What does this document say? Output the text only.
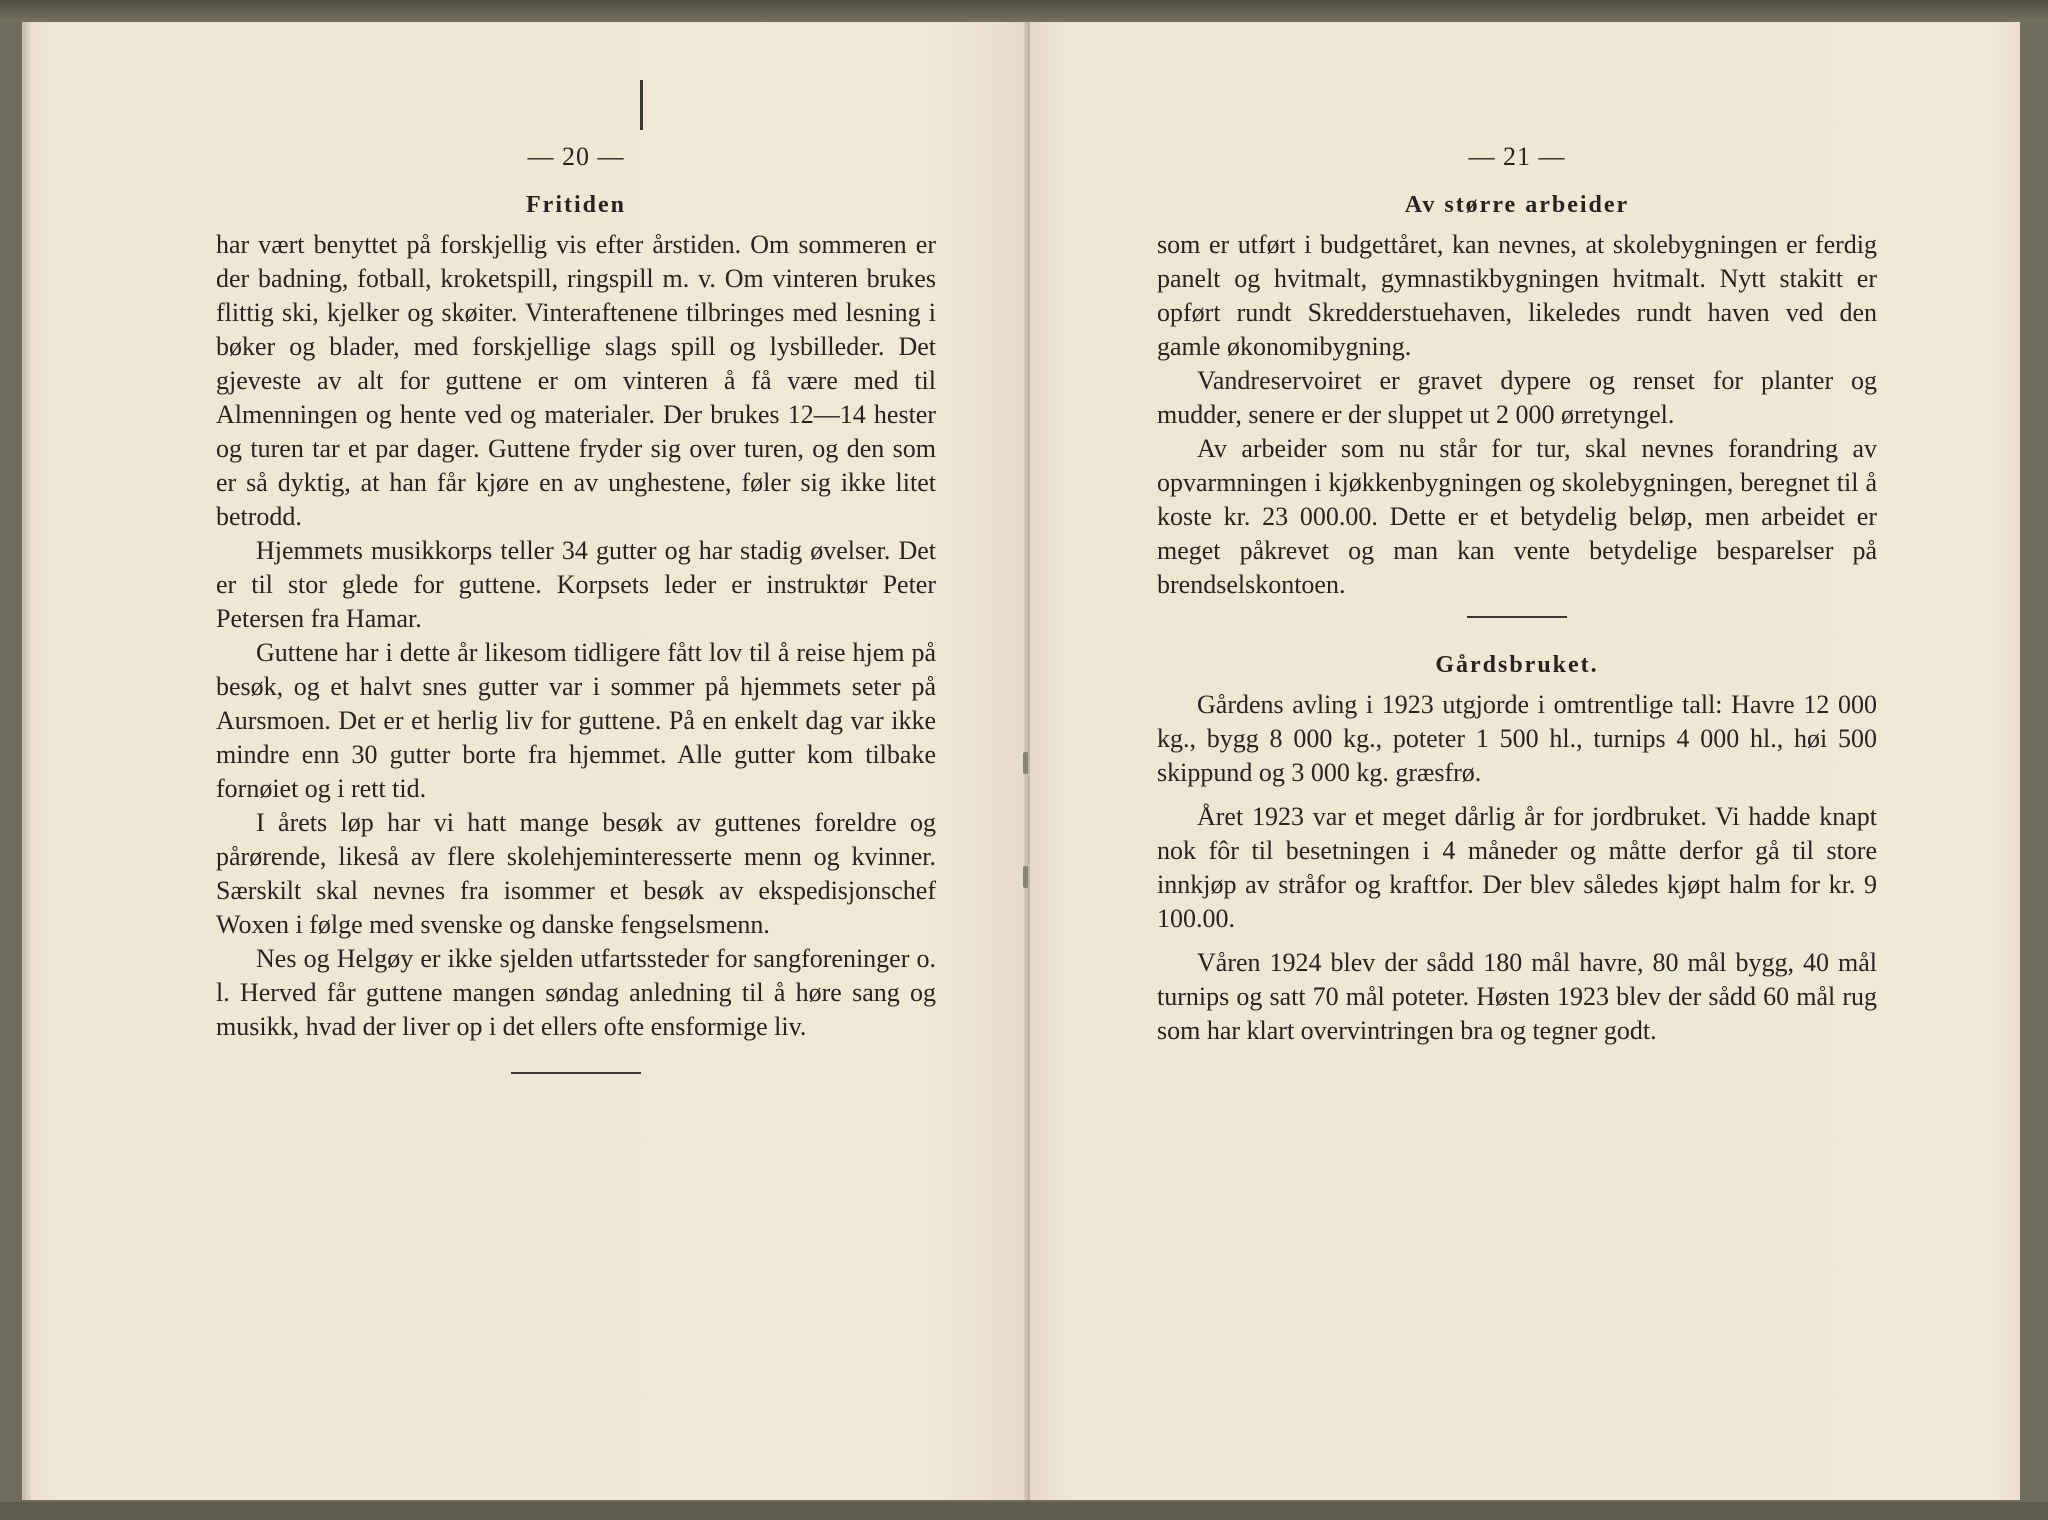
— 20 —
Fritiden

har vært benyttet på forskjellig vis efter årstiden. Om sommeren er der badning, fotball, kroketspill, ringspill m. v. Om vinteren brukes flittig ski, kjelker og skøiter. Vinteraftenene tilbringes med lesning i bøker og blader, med forskjellige slags spill og lysbilleder. Det gjeveste av alt for guttene er om vinteren å få være med til Almenningen og hente ved og materialer. Der brukes 12—14 hester og turen tar et par dager. Guttene fryder sig over turen, og den som er så dyktig, at han får kjøre en av unghestene, føler sig ikke litet betrodd.

Hjemmets musikkorps teller 34 gutter og har stadig øvelser. Det er til stor glede for guttene. Korpsets leder er instruktør Peter Petersen fra Hamar.

Guttene har i dette år likesom tidligere fått lov til å reise hjem på besøk, og et halvt snes gutter var i sommer på hjemmets seter på Aursmoen. Det er et herlig liv for guttene. På en enkelt dag var ikke mindre enn 30 gutter borte fra hjemmet. Alle gutter kom tilbake fornøiet og i rett tid.

I årets løp har vi hatt mange besøk av guttenes foreldre og pårørende, likeså av flere skolehjeminteresserte menn og kvinner. Særskilt skal nevnes fra isommer et besøk av ekspedisjonschef Woxen i følge med svenske og danske fengselsmenn.

Nes og Helgøy er ikke sjelden utfartssteder for sangforeninger o. l. Herved får guttene mangen søndag anledning til å høre sang og musikk, hvad der liver op i det ellers ofte ensformige liv.

— 21 —
Av større arbeider

som er utført i budgettåret, kan nevnes, at skolebygningen er ferdig panelt og hvitmalt, gymnastikbygningen hvitmalt. Nytt stakitt er opført rundt Skredderstuehaven, likeledes rundt haven ved den gamle økonomibygning.

Vandreservoiret er gravet dypere og renset for planter og mudder, senere er der sluppet ut 2 000 ørretyngel.

Av arbeider som nu står for tur, skal nevnes forandring av opvarmningen i kjøkkenbygningen og skolebygningen, beregnet til å koste kr. 23 000.00. Dette er et betydelig beløp, men arbeidet er meget påkrevet og man kan vente betydelige besparelser på brendselskontoen.

Gårdsbruket.

Gårdens avling i 1923 utgjorde i omtrentlige tall: Havre 12 000 kg., bygg 8 000 kg., poteter 1 500 hl., turnips 4 000 hl., høi 500 skippund og 3 000 kg. græsfrø.

Året 1923 var et meget dårlig år for jordbruket. Vi hadde knapt nok fôr til besetningen i 4 måneder og måtte derfor gå til store innkjøp av stråfor og kraftfor. Der blev således kjøpt halm for kr. 9 100.00.

Våren 1924 blev der sådd 180 mål havre, 80 mål bygg, 40 mål turnips og satt 70 mål poteter. Høsten 1923 blev der sådd 60 mål rug som har klart overvintringen bra og tegner godt.
